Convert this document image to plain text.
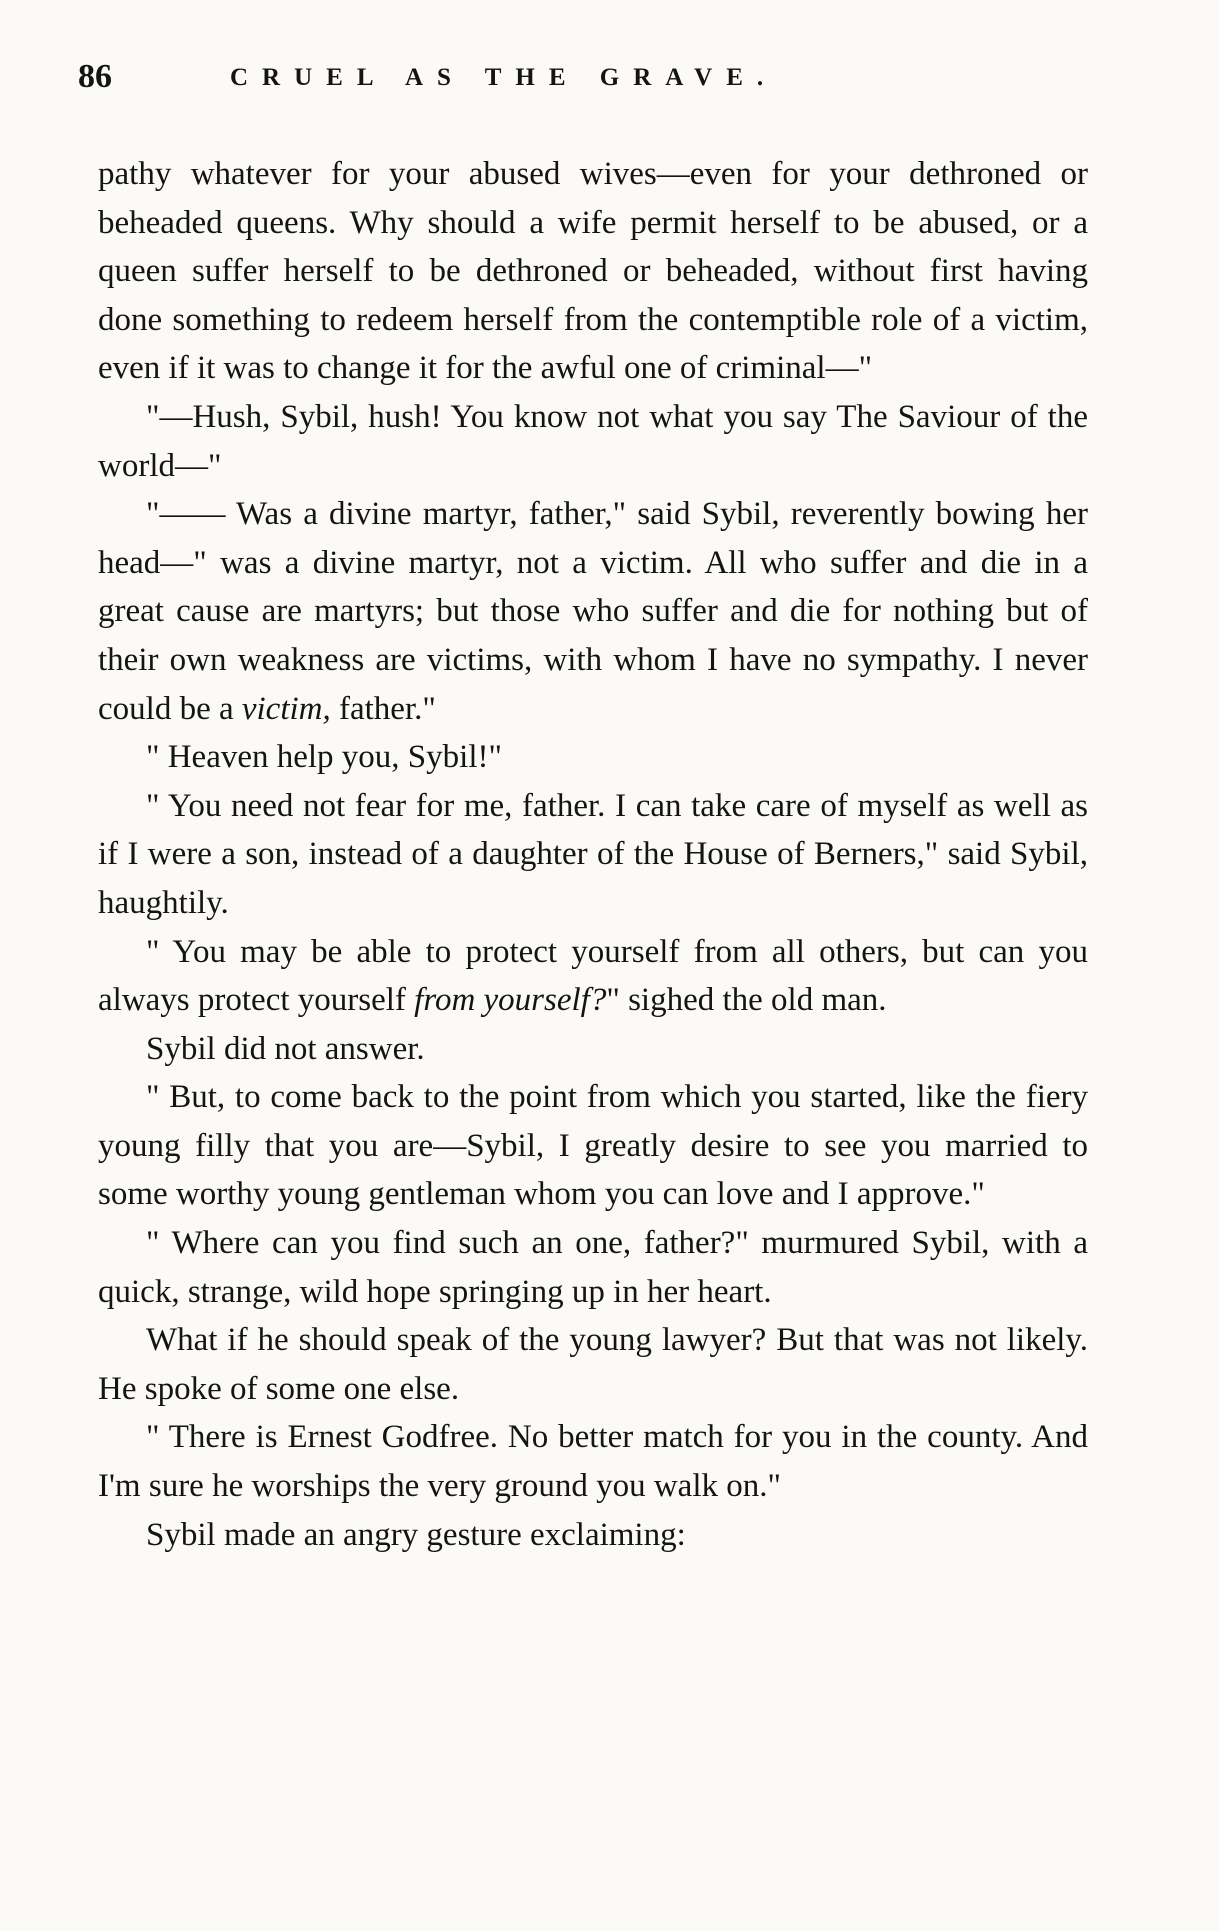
86	CRUEL AS THE GRAVE.

pathy whatever for your abused wives—even for your dethroned or beheaded queens. Why should a wife permit herself to be abused, or a queen suffer herself to be dethroned or beheaded, without first having done something to redeem herself from the contemptible role of a victim, even if it was to change it for the awful one of criminal—"

"—Hush, Sybil, hush! You know not what you say The Saviour of the world—"

"—— Was a divine martyr, father," said Sybil, reverently bowing her head—" was a divine martyr, not a victim. All who suffer and die in a great cause are martyrs; but those who suffer and die for nothing but of their own weakness are victims, with whom I have no sympathy. I never could be a victim, father."

" Heaven help you, Sybil!"

" You need not fear for me, father. I can take care of myself as well as if I were a son, instead of a daughter of the House of Berners," said Sybil, haughtily.

" You may be able to protect yourself from all others, but can you always protect yourself from yourself?" sighed the old man.

Sybil did not answer.

" But, to come back to the point from which you started, like the fiery young filly that you are—Sybil, I greatly desire to see you married to some worthy young gentleman whom you can love and I approve."

" Where can you find such an one, father?" murmured Sybil, with a quick, strange, wild hope springing up in her heart.

What if he should speak of the young lawyer? But that was not likely. He spoke of some one else.

" There is Ernest Godfree. No better match for you in the county. And I'm sure he worships the very ground you walk on."

Sybil made an angry gesture exclaiming:
